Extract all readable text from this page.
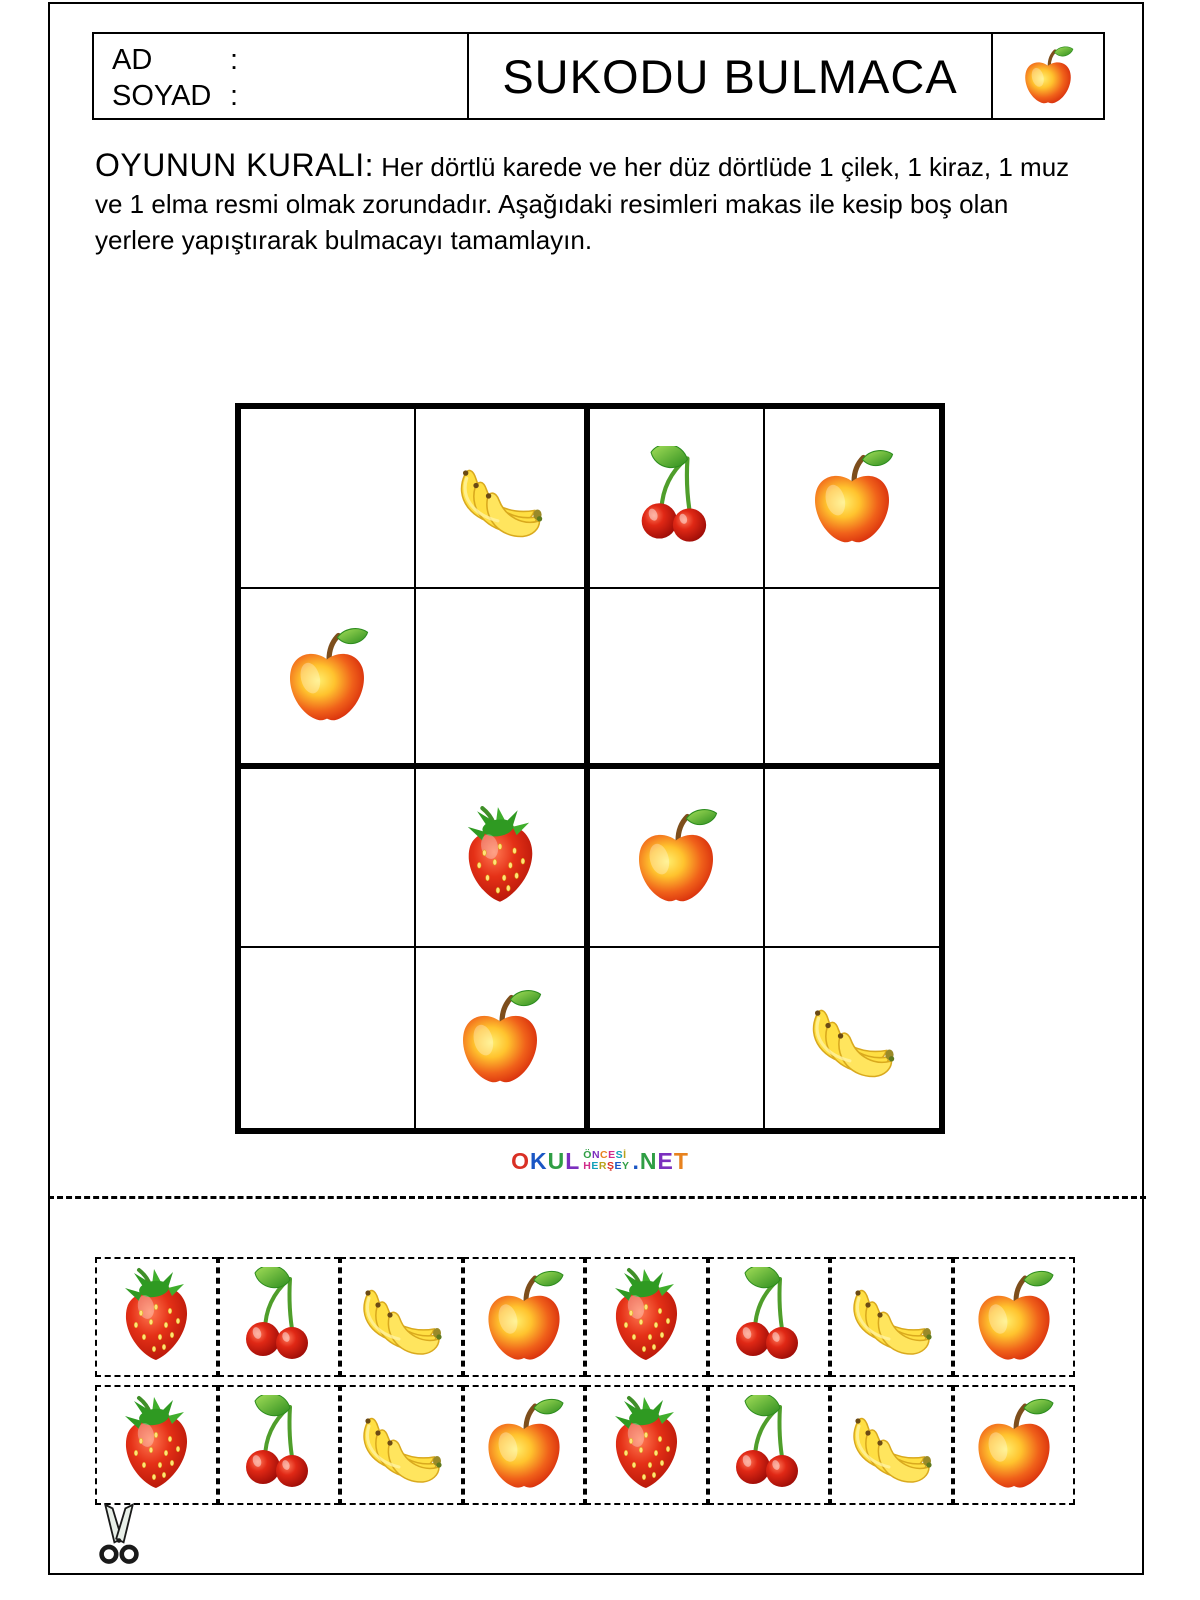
AD	:
SOYAD :	SUKODU BULMACA
OYUNUN KURALI: Her dörtlü karede ve her düz dörtlüde 1 çilek, 1 kiraz, 1 muz
ve 1 elma resmi olmak zorundadır. Aşağıdaki resimleri makas ile kesip boş olan
yerlere yapıştırarak bulmacayı tamamlayın.
O K U L Ö N C E S İ
H E R Ş E Y . N E T
